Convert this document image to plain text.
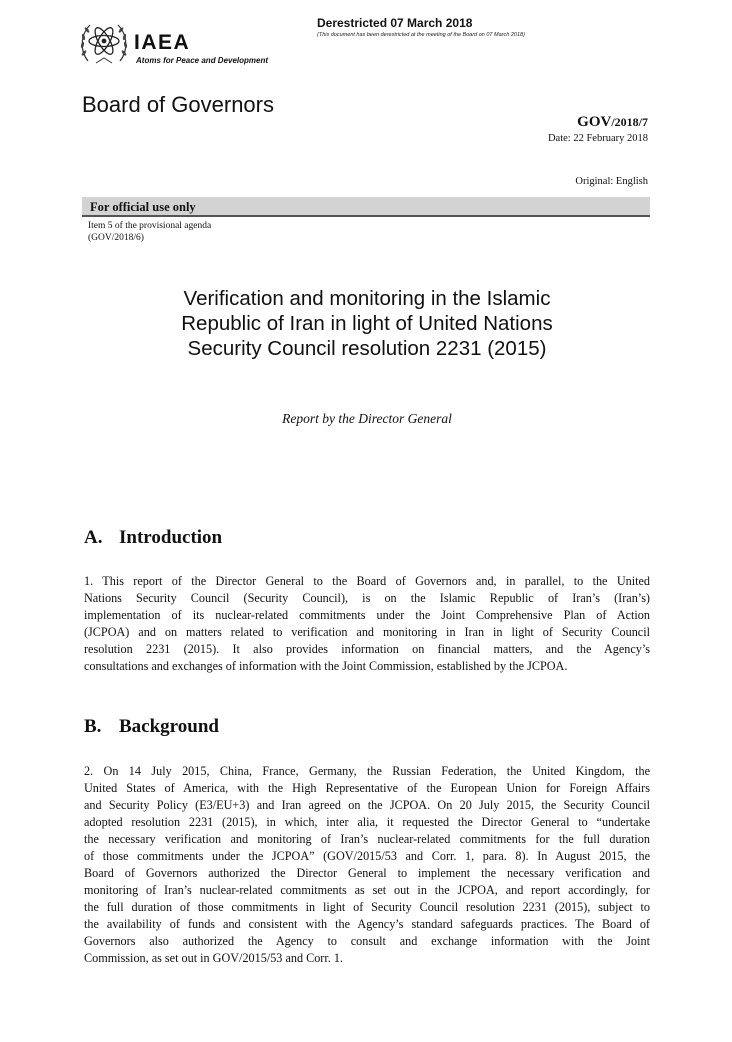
IAEA
Atoms for Peace and Development
Derestricted 07 March 2018
(This document has been derestricted at the meeting of the Board on 07 March 2018)
Board of Governors
GOV/2018/7
Date: 22 February 2018
Original: English
For official use only
Item 5 of the provisional agenda
(GOV/2018/6)
Verification and monitoring in the Islamic
Republic of Iran in light of United Nations
Security Council resolution 2231 (2015)
Report by the Director General
A. Introduction
1. This report of the Director General to the Board of Governors and, in parallel, to the United
Nations Security Council (Security Council), is on the Islamic Republic of Iran’s (Iran’s)
implementation of its nuclear-related commitments under the Joint Comprehensive Plan of Action
(JCPOA) and on matters related to verification and monitoring in Iran in light of Security Council
resolution 2231 (2015). It also provides information on financial matters, and the Agency’s
consultations and exchanges of information with the Joint Commission, established by the JCPOA.
B. Background
2. On 14 July 2015, China, France, Germany, the Russian Federation, the United Kingdom, the
United States of America, with the High Representative of the European Union for Foreign Affairs
and Security Policy (E3/EU+3) and Iran agreed on the JCPOA. On 20 July 2015, the Security Council
adopted resolution 2231 (2015), in which, inter alia, it requested the Director General to “undertake
the necessary verification and monitoring of Iran’s nuclear-related commitments for the full duration
of those commitments under the JCPOA” (GOV/2015/53 and Corr. 1, para. 8). In August 2015, the
Board of Governors authorized the Director General to implement the necessary verification and
monitoring of Iran’s nuclear-related commitments as set out in the JCPOA, and report accordingly, for
the full duration of those commitments in light of Security Council resolution 2231 (2015), subject to
the availability of funds and consistent with the Agency’s standard safeguards practices. The Board of
Governors also authorized the Agency to consult and exchange information with the Joint
Commission, as set out in GOV/2015/53 and Corr. 1.
